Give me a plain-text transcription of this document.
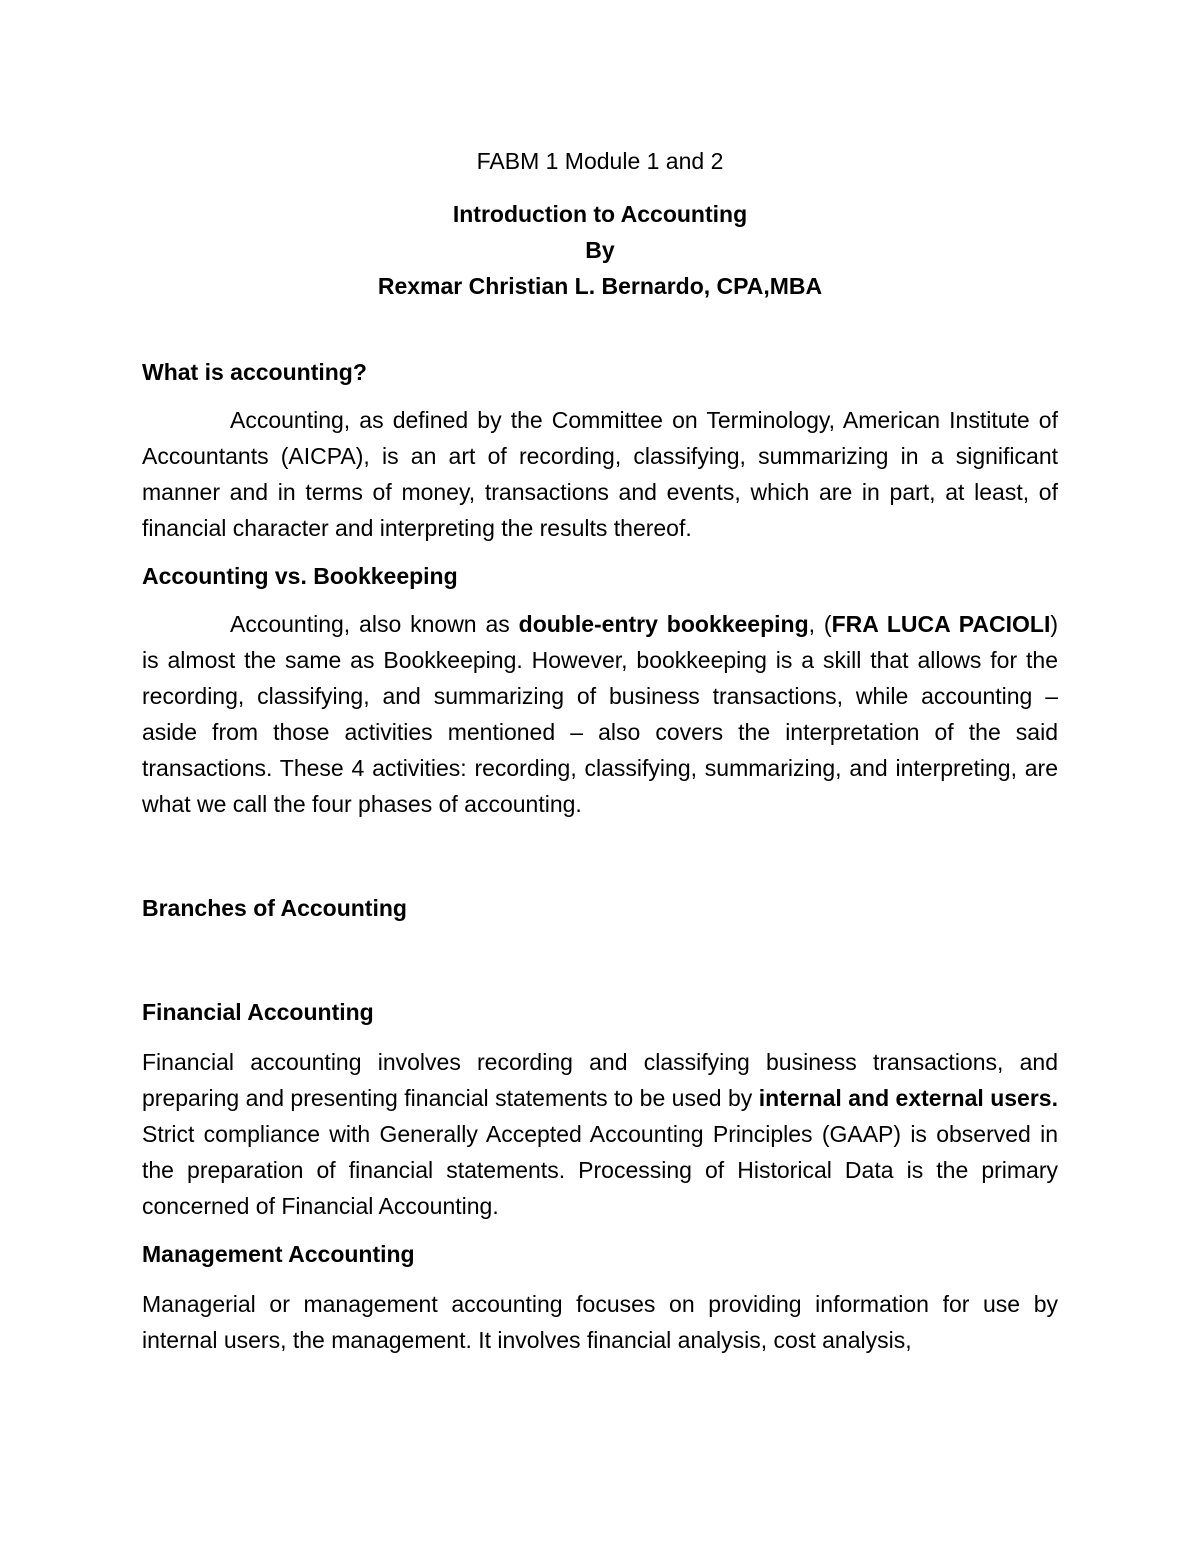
FABM 1 Module 1 and 2
Introduction to Accounting
By
Rexmar Christian L. Bernardo, CPA,MBA
What is accounting?

Accounting, as defined by the Committee on Terminology, American Institute of Accountants (AICPA), is an art of recording, classifying, summarizing in a significant manner and in terms of money, transactions and events, which are in part, at least, of financial character and interpreting the results thereof.

Accounting vs. Bookkeeping

Accounting, also known as double-entry bookkeeping, (FRA LUCA PACIOLI) is almost the same as Bookkeeping. However, bookkeeping is a skill that allows for the recording, classifying, and summarizing of business transactions, while accounting – aside from those activities mentioned – also covers the interpretation of the said transactions. These 4 activities: recording, classifying, summarizing, and interpreting, are what we call the four phases of accounting.

Branches of Accounting
Financial Accounting

Financial accounting involves recording and classifying business transactions, and preparing and presenting financial statements to be used by internal and external users. Strict compliance with Generally Accepted Accounting Principles (GAAP) is observed in the preparation of financial statements. Processing of Historical Data is the primary concerned of Financial Accounting.

Management Accounting

Managerial or management accounting focuses on providing information for use by internal users, the management. It involves financial analysis, cost analysis,
